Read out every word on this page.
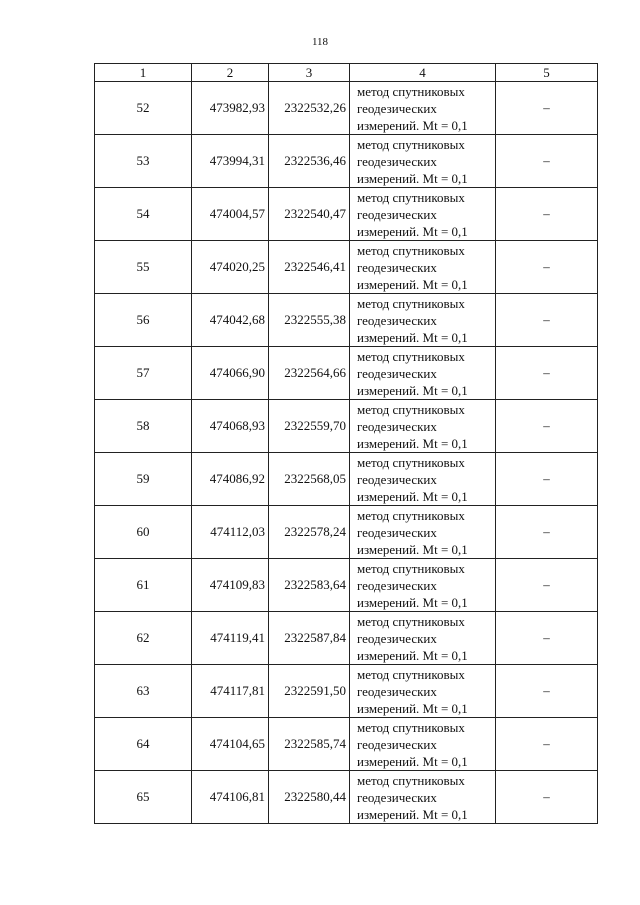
118
1	2	3	4	5
52	473982,93	2322532,26	метод спутниковых
геодезических
измерений. Mt = 0,1	–
53	473994,31	2322536,46	метод спутниковых
геодезических
измерений. Mt = 0,1	–
54	474004,57	2322540,47	метод спутниковых
геодезических
измерений. Mt = 0,1	–
55	474020,25	2322546,41	метод спутниковых
геодезических
измерений. Mt = 0,1	–
56	474042,68	2322555,38	метод спутниковых
геодезических
измерений. Mt = 0,1	–
57	474066,90	2322564,66	метод спутниковых
геодезических
измерений. Mt = 0,1	–
58	474068,93	2322559,70	метод спутниковых
геодезических
измерений. Mt = 0,1	–
59	474086,92	2322568,05	метод спутниковых
геодезических
измерений. Mt = 0,1	–
60	474112,03	2322578,24	метод спутниковых
геодезических
измерений. Mt = 0,1	–
61	474109,83	2322583,64	метод спутниковых
геодезических
измерений. Mt = 0,1	–
62	474119,41	2322587,84	метод спутниковых
геодезических
измерений. Mt = 0,1	–
63	474117,81	2322591,50	метод спутниковых
геодезических
измерений. Mt = 0,1	–
64	474104,65	2322585,74	метод спутниковых
геодезических
измерений. Mt = 0,1	–
65	474106,81	2322580,44	метод спутниковых
геодезических
измерений. Mt = 0,1	–
